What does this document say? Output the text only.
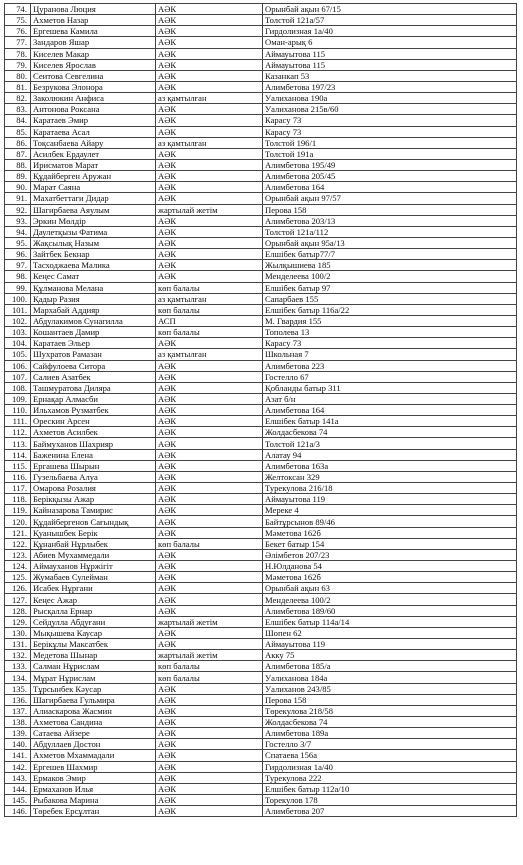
74.	Цуранова Люция	АӘК	Орынбай ақын 67/15
75.	Ахметов Назар	АӘК	Толстой 121а/57
76.	Ергешева Камила	АӘК	Гирдолизная 1а/40
77.	Зандаров Яшар	АӘК	Оман-арық 6
78.	Киселев Макар	АӘК	Аймауытова 115
79.	Киселев Ярослав	АӘК	Аймауытова 115
80.	Сеитова Севгелина	АӘК	Казанкап 53
81.	Безрукова Элонора	АӘК	Алимбетова 197/23
82.	Заколюкин Анфиса	аз қамтылған	Уалиханова 190а
83.	Антонова Роксана	АӘК	Уалиханова 215в/60
84.	Каратаев Эмир	АӘК	Карасу 73
85.	Каратаева Асал	АӘК	Карасу 73
86.	Тоқсанбаева Айару	аз қамтылған	Толстой 196/1
87.	Асилбек Ердаулет	АӘК	Толстой 191а
88.	Ирисматов Марат	АӘК	Алимбетова 195/49
89.	Құдайберген Аружан	АӘК	Алимбетова 205/45
90.	Марат Саяна	АӘК	Алимбетова 164
91.	Махатбеттаги Дидар	АӘК	Орынбай ақын 97/57
92.	Шагирбаева Аяулым	жартылай жетім	Перова 158
93.	Эркин Мөлдір	АӘК	Алимбетова 203/13
94.	Даулетқызы Фатима	АӘК	Толстой 121а/112
95.	Жақсылық Назым	АӘК	Орынбай ақын 95а/13
96.	Зайтбек Бекнар	АӘК	Елшібек батыр77/7
97.	Тасходжаева Малика	АӘК	Жылқышиева 185
98.	Кеңес Самат	АӘК	Менделеева 100/2
99.	Құлманова Мелана	көп балалы	Елшібек батыр 97
100.	Қадыр Разия	аз қамтылған	Сапарбаев 155
101.	Мархабай Аддияр	көп балалы	Елшібек батыр 116а/22
102.	Абдулакимов Сунагилла	АСП	М. Гвардия 155
103.	Кошантаев Дамир	көп балалы	Тополева 13
104.	Каратаев Эльер	АӘК	Карасу 73
105.	Шухратов Рамазан	аз қамтылған	Школьная 7
106.	Сайфулоева Ситора	АӘК	Алимбетова 223
107.	Салиев Азатбек	АӘК	Гостелло 67
108.	Ташмуратова Диляра	АӘК	Қобланды батыр 311
109.	Ернақар Алмасби	АӘК	Азат б/н
110.	Ильхамов Рузматбек	АӘК	Алимбетова 164
111.	Орескин Арсен	АӘК	Елшібек батыр 141а
112.	Ахметов Асилбек	АӘК	Жолдасбекова 74
113.	Баймуханов Шахрияр	АӘК	Толстой 121а/3
114.	Баженина Елена	АӘК	Алатау 94
115.	Ергашева Шырын	АӘК	Алимбетова 163а
116.	Гузельбаева Алуа	АӘК	Желтоксан 329
117.	Омарова Розалия	АӘК	Турекулова 216/18
118.	Берікқызы Ажар	АӘК	Аймауытова 119
119.	Кайназарова Тамирис	АӘК	Мереке 4
120.	Құдайбергенов Сағындық	АӘК	Байтұрсынов 89/46
121.	Қуанышбек Берік	АӘК	Мәметова 162б
122.	Құнанбай Нұрлыбек	көп балалы	Бекет батыр 154
123.	Абиев Мухаммедали	АӘК	Әлімбетов 207/23
124.	Аймауханов Нұржігіт	АӘК	Н.Юлданова 54
125.	Жумабаев Сулейман	АӘК	Мәметова 162б
126.	Исабек Нұргани	АӘК	Орынбай ақын 63
127.	Кеңес Ажар	АӘК	Менделеева 100/2
128.	Рысқалла Ернар	АӘК	Алимбетова 189/60
129.	Сейдулла Абдуғани	жартылай жетім	Елшібек батыр 114а/14
130.	Мықышева Каусар	АӘК	Шопен 62
131.	Берікұлы Максатбек	АӘК	Аймауытова 119
132.	Медетова Шынар	жартылай жетім	Акку 75
133.	Салман Нұрислам	көп балалы	Алимбетова 185/а
134.	Мұрат Нұрислам	көп балалы	Уалиханова 184а
135.	Тұрсынбек Кәусар	АӘК	Уалиханов 243/85
136.	Шагирбаева Гульмира	АӘК	Перова 158
137.	Алиаскарова Жасмин	АӘК	Төрекулова 218/58
138.	Ахметова Сандина	АӘК	Жолдасбекова 74
139.	Сатаева Айзере	АӘК	Алимбетова 189а
140.	Абдуллаев Достон	АӘК	Гостелло 3/7
141.	Ахметов Мхаммадали	АӘК	Спатаева 156а
142.	Ергешев Шахмир	АӘК	Гирдолизная 1а/40
143.	Ермаков Эмир	АӘК	Турекулова 222
144.	Ермаханов Илья	АӘК	Елшібек батыр 112а/10
145.	Рыбакова Марина	АӘК	Торекулов 178
146.	Төребек Ерсұлтан	АӘК	Алимбетова 207
